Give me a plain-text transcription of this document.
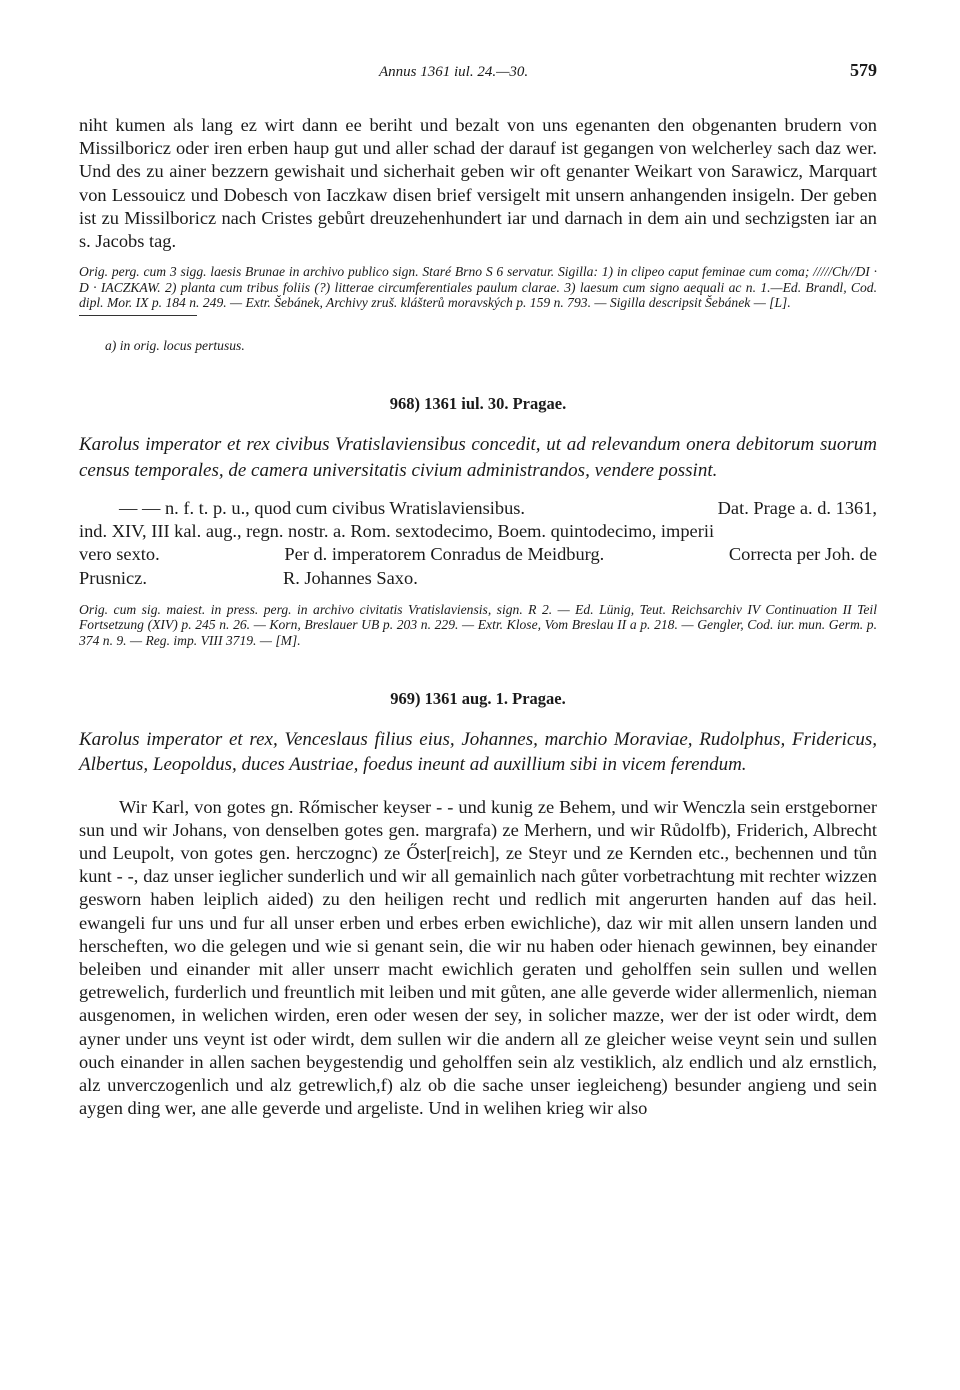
Annus 1361 iul. 24.—30.	579

niht kumen als lang ez wirt dann ee beriht und bezalt von uns egenanten den obgenanten brudern von Missilboricz oder iren erben haup gut und aller schad der darauf ist gegangen von welcherley sach daz wer. Und des zu ainer bezzern gewishait und sicherhait geben wir oft genanter Weikart von Sarawicz, Marquart von Lessouicz und Dobesch von Iaczkaw disen brief versigelt mit unsern anhangenden insigeln. Der geben ist zu Missilboricz nach Cristes gebůrt dreuzehenhundert iar und darnach in dem ain und sechzigsten iar an s. Jacobs tag.

Orig. perg. cum 3 sigg. laesis Brunae in archivo publico sign. Staré Brno S 6 servatur. Sigilla: 1) in clipeo caput feminae cum coma; /////Ch//DI · D · IACZKAW. 2) planta cum tribus foliis (?) litterae circumferentiales paulum clarae. 3) laesum cum signo aequali ac n. 1.—Ed. Brandl, Cod. dipl. Mor. IX p. 184 n. 249. — Extr. Šebánek, Archivy zruš. klášterů moravských p. 159 n. 793. — Sigilla descripsit Šebánek — [L].

a) in orig. locus pertusus.

968) 1361 iul. 30. Pragae.

Karolus imperator et rex civibus Vratislaviensibus concedit, ut ad relevandum onera debitorum suorum census temporales, de camera universitatis civium administrandos, vendere possint.

— — n. f. t. p. u., quod cum civibus Wratislaviensibus.	Dat. Prage a. d. 1361,
ind. XIV, III kal. aug., regn. nostr. a. Rom. sextodecimo, Boem. quintodecimo, imperii
vero sexto.	Per d. imperatorem Conradus de Meidburg.	Correcta per Joh. de
Prusnicz.	R. Johannes Saxo.

Orig. cum sig. maiest. in press. perg. in archivo civitatis Vratislaviensis, sign. R 2. — Ed. Lünig, Teut. Reichsarchiv IV Continuation II Teil Fortsetzung (XIV) p. 245 n. 26. — Korn, Breslauer UB p. 203 n. 229. — Extr. Klose, Vom Breslau II a p. 218. — Gengler, Cod. iur. mun. Germ. p. 374 n. 9. — Reg. imp. VIII 3719. — [M].

969) 1361 aug. 1. Pragae.

Karolus imperator et rex, Venceslaus filius eius, Johannes, marchio Moraviae, Rudolphus, Fridericus, Albertus, Leopoldus, duces Austriae, foedus ineunt ad auxillium sibi in vicem ferendum.

Wir Karl, von gotes gn. Rőmischer keyser - - und kunig ze Behem, und wir Wenczla sein erstgeborner sun und wir Johans, von denselben gotes gen. margrafa) ze Merhern, und wir Růdolfb), Friderich, Albrecht und Leupolt, von gotes gen. herczognc) ze Őster[reich], ze Steyr und ze Kernden etc., bechennen und tůn kunt - -, daz unser ieglicher sunderlich und wir all gemainlich nach gůter vorbetrachtung mit rechter wizzen gesworn haben leiplich aided) zu den heiligen recht und redlich mit angerurten handen auf das heil. ewangeli fur uns und fur all unser erben und erbes erben ewichliche), daz wir mit allen unsern landen und herscheften, wo die gelegen und wie si genant sein, die wir nu haben oder hienach gewinnen, bey einander beleiben und einander mit aller unserr macht ewichlich geraten und geholffen sein sullen und wellen getrewelich, furderlich und freuntlich mit leiben und mit gůten, ane alle geverde wider allermenlich, nieman ausgenomen, in welichen wirden, eren oder wesen der sey, in solicher mazze, wer der ist oder wirdt, dem ayner under uns veynt ist oder wirdt, dem sullen wir die andern all ze gleicher weise veynt sein und sullen ouch einander in allen sachen beygestendig und geholffen sein alz vestiklich, alz endlich und alz ernstlich, alz unverczogenlich und alz getrewlich,f) alz ob die sache unser iegleicheng) besunder angieng und sein aygen ding wer, ane alle geverde und argeliste. Und in welihen krieg wir also
